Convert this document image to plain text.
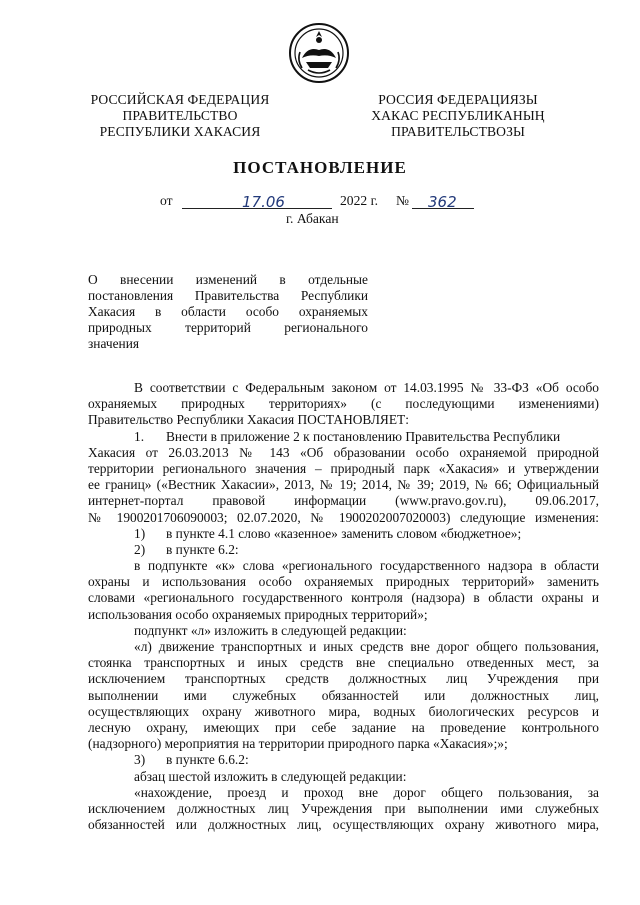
РОССИЙСКАЯ ФЕДЕРАЦИЯ
ПРАВИТЕЛЬСТВО
РЕСПУБЛИКИ ХАКАСИЯ
РОССИЯ ФЕДЕРАЦИЯЗЫ
ХАКАС РЕСПУБЛИКАНЫҢ
ПРАВИТЕЛЬСТВОЗЫ
ПОСТАНОВЛЕНИЕ
от	17.06	2022 г. № 362
г. Абакан
О внесении изменений в отдельные
постановления Правительства Республики
Хакасия в области особо охраняемых
природных территорий регионального
значения
В соответствии с Федеральным законом от 14.03.1995 № 33-ФЗ «Об особо
охраняемых природных территориях» (с последующими изменениями)
Правительство Республики Хакасия ПОСТАНОВЛЯЕТ:
1. Внести в приложение 2 к постановлению Правительства Республики
Хакасия от 26.03.2013 № 143 «Об образовании особо охраняемой природной
территории регионального значения – природный парк «Хакасия» и утверждении
ее границ» («Вестник Хакасии», 2013, № 19; 2014, № 39; 2019, № 66; Официальный
интернет-портал правовой информации (www.pravo.gov.ru), 09.06.2017,
№ 1900201706090003; 02.07.2020, № 1900202007020003) следующие изменения:
1) в пункте 4.1 слово «казенное» заменить словом «бюджетное»;
2) в пункте 6.2:
в подпункте «к» слова «регионального государственного надзора в области
охраны и использования особо охраняемых природных территорий» заменить
словами «регионального государственного контроля (надзора) в области охраны и
использования особо охраняемых природных территорий»;
подпункт «л» изложить в следующей редакции:
«л) движение транспортных и иных средств вне дорог общего пользования,
стоянка транспортных и иных средств вне специально отведенных мест, за
исключением транспортных средств должностных лиц Учреждения при
выполнении ими служебных обязанностей или должностных лиц,
осуществляющих охрану животного мира, водных биологических ресурсов и
лесную охрану, имеющих при себе задание на проведение контрольного
(надзорного) мероприятия на территории природного парка «Хакасия»;»;
3) в пункте 6.6.2:
абзац шестой изложить в следующей редакции:
«нахождение, проезд и проход вне дорог общего пользования, за
исключением должностных лиц Учреждения при выполнении ими служебных
обязанностей или должностных лиц, осуществляющих охрану животного мира,
